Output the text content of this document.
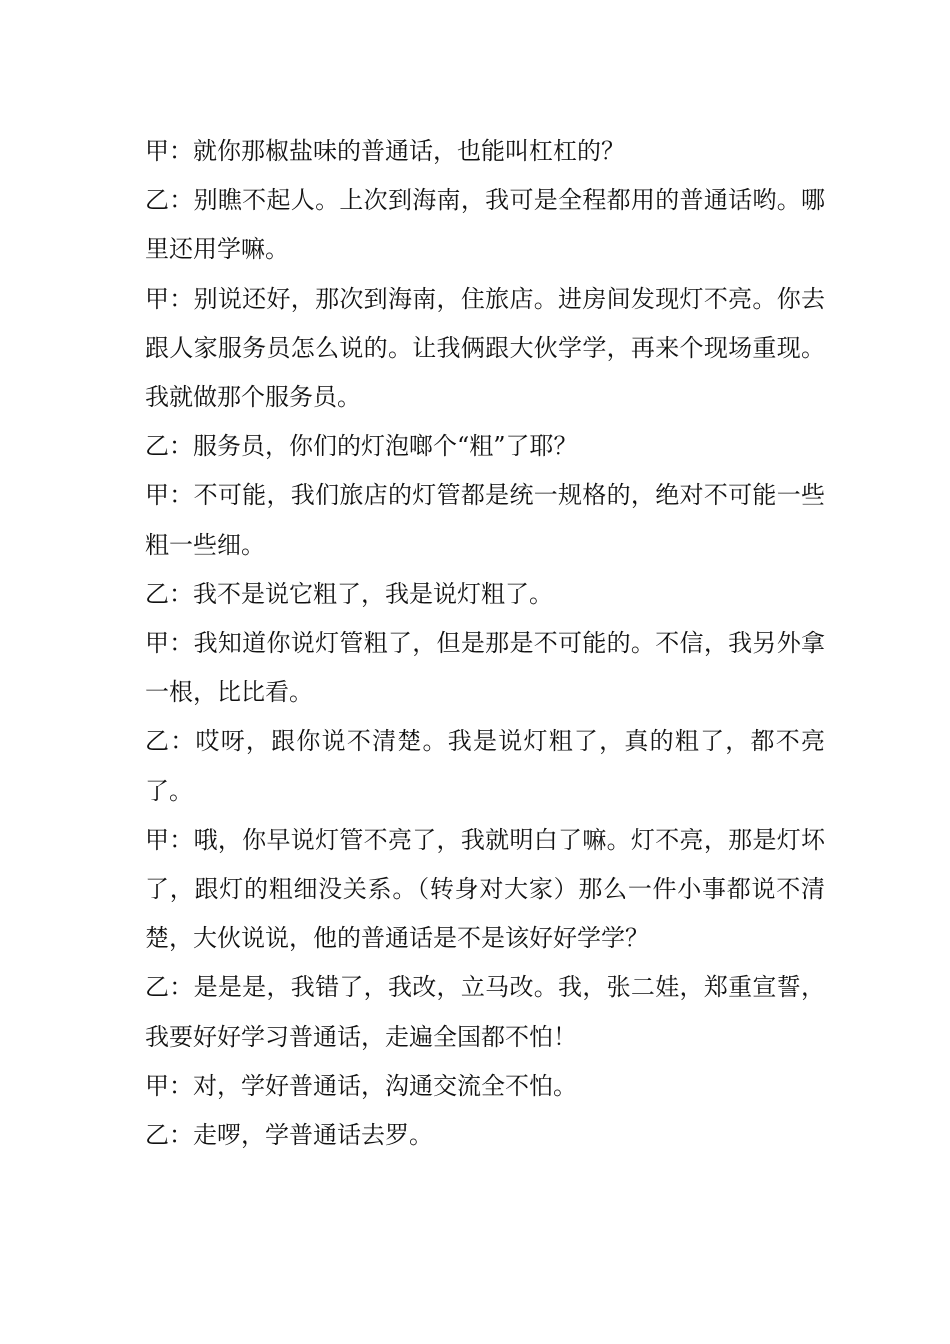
甲：就你那椒盐味的普通话，也能叫杠杠的？

乙：别瞧不起人。上次到海南，我可是全程都用的普通话哟。哪里还用学嘛。

甲：别说还好，那次到海南，住旅店。进房间发现灯不亮。你去跟人家服务员怎么说的。让我俩跟大伙学学，再来个现场重现。我就做那个服务员。

乙：服务员，你们的灯泡啷个“粗”了耶？

甲：不可能，我们旅店的灯管都是统一规格的，绝对不可能一些粗一些细。

乙：我不是说它粗了，我是说灯粗了。

甲：我知道你说灯管粗了，但是那是不可能的。不信，我另外拿一根，比比看。

乙：哎呀，跟你说不清楚。我是说灯粗了，真的粗了，都不亮了。

甲：哦，你早说灯管不亮了，我就明白了嘛。灯不亮，那是灯坏了，跟灯的粗细没关系。（转身对大家）那么一件小事都说不清楚，大伙说说，他的普通话是不是该好好学学？

乙：是是是，我错了，我改，立马改。我，张二娃，郑重宣誓，我要好好学习普通话，走遍全国都不怕！

甲：对，学好普通话，沟通交流全不怕。

乙：走啰，学普通话去罗。
